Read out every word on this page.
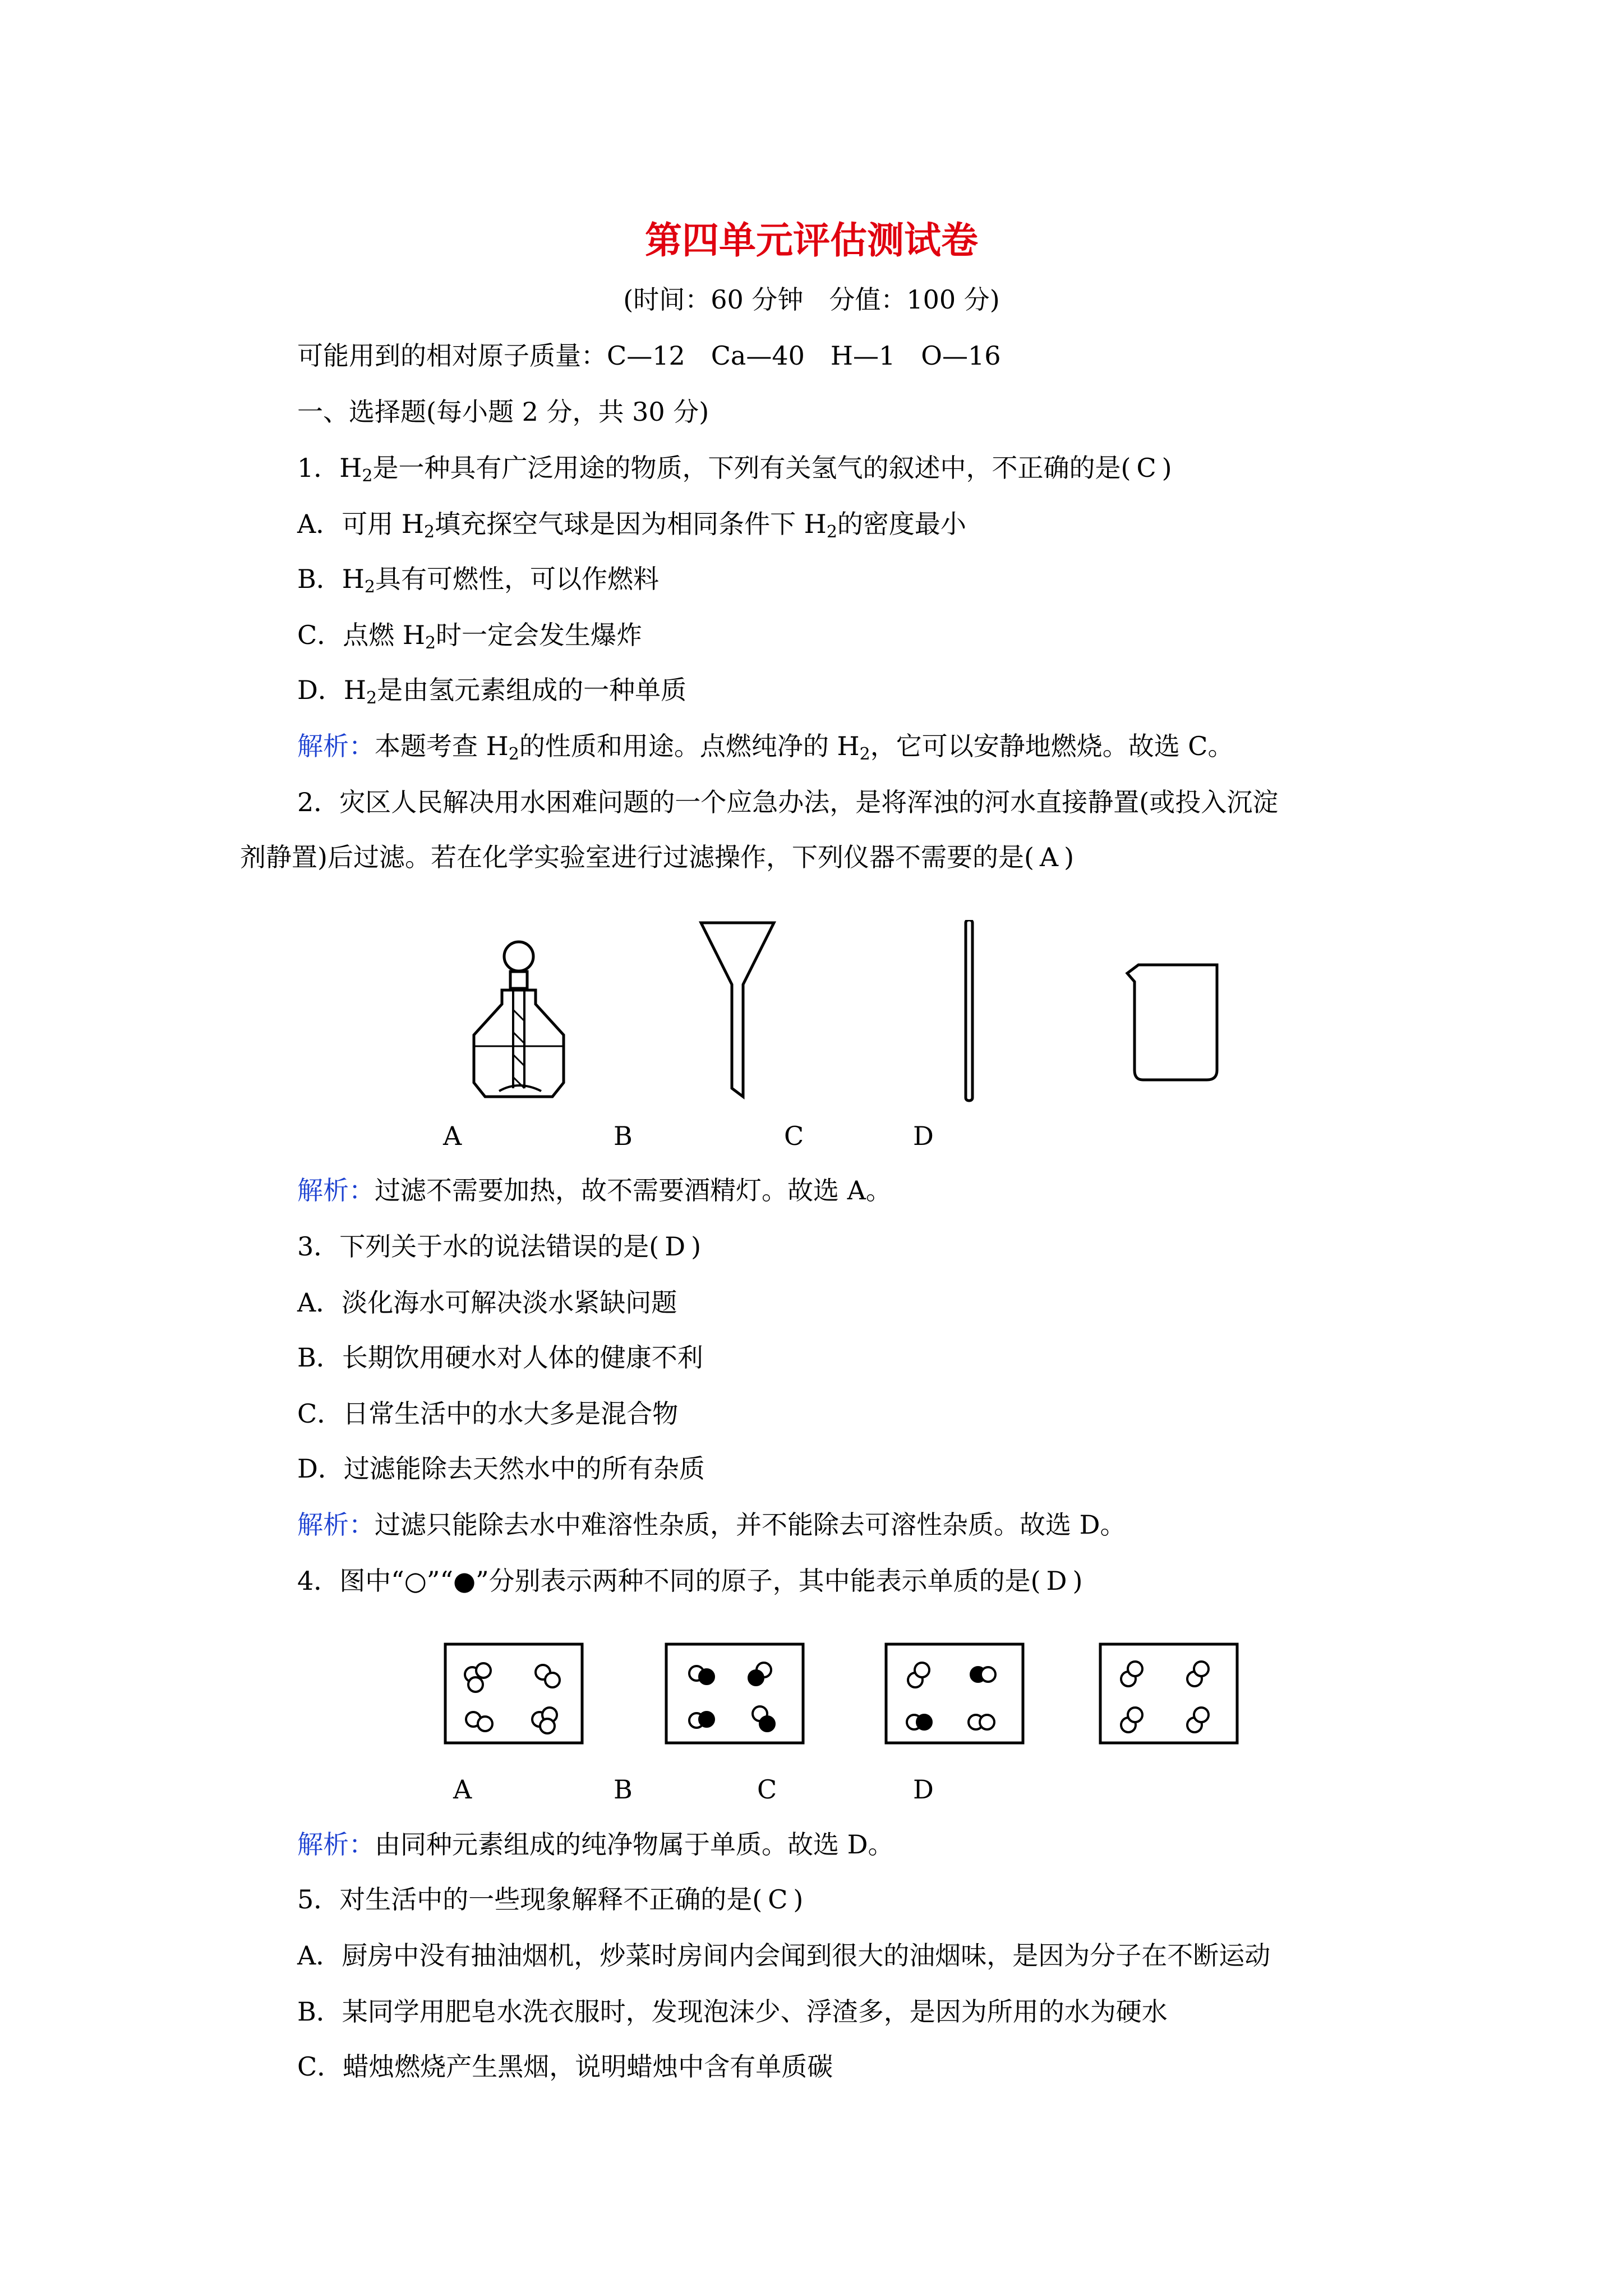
第四单元评估测试卷
(时间：60 分钟　分值：100 分)
可能用到的相对原子质量：C—12　Ca—40　H—1　O—16
一、选择题(每小题 2 分，共 30 分)
1．$H_2$是一种具有广泛用途的物质，下列有关氢气的叙述中，不正确的是( C )
A．可用 $H_2$填充探空气球是因为相同条件下 $H_2$的密度最小
B．$H_2$具有可燃性，可以作燃料
C．点燃 $H_2$时一定会发生爆炸
D．$H_2$是由氢元素组成的一种单质
解析：本题考查 $H_2$的性质和用途。点燃纯净的 $H_2$，它可以安静地燃烧。故选 C。
2．灾区人民解决用水困难问题的一个应急办法，是将浑浊的河水直接静置(或投入沉淀
剂静置)后过滤。若在化学实验室进行过滤操作，下列仪器不需要的是( A )
A	B	C	D
解析：过滤不需要加热，故不需要酒精灯。故选 A。
3．下列关于水的说法错误的是( D )
A．淡化海水可解决淡水紧缺问题
B．长期饮用硬水对人体的健康不利
C．日常生活中的水大多是混合物
D．过滤能除去天然水中的所有杂质
解析：过滤只能除去水中难溶性杂质，并不能除去可溶性杂质。故选 D。
4．图中“○”“●”分别表示两种不同的原子，其中能表示单质的是( D )
A	B	C	D
解析：由同种元素组成的纯净物属于单质。故选 D。
5．对生活中的一些现象解释不正确的是( C )
A．厨房中没有抽油烟机，炒菜时房间内会闻到很大的油烟味，是因为分子在不断运动
B．某同学用肥皂水洗衣服时，发现泡沫少、浮渣多，是因为所用的水为硬水
C．蜡烛燃烧产生黑烟，说明蜡烛中含有单质碳
